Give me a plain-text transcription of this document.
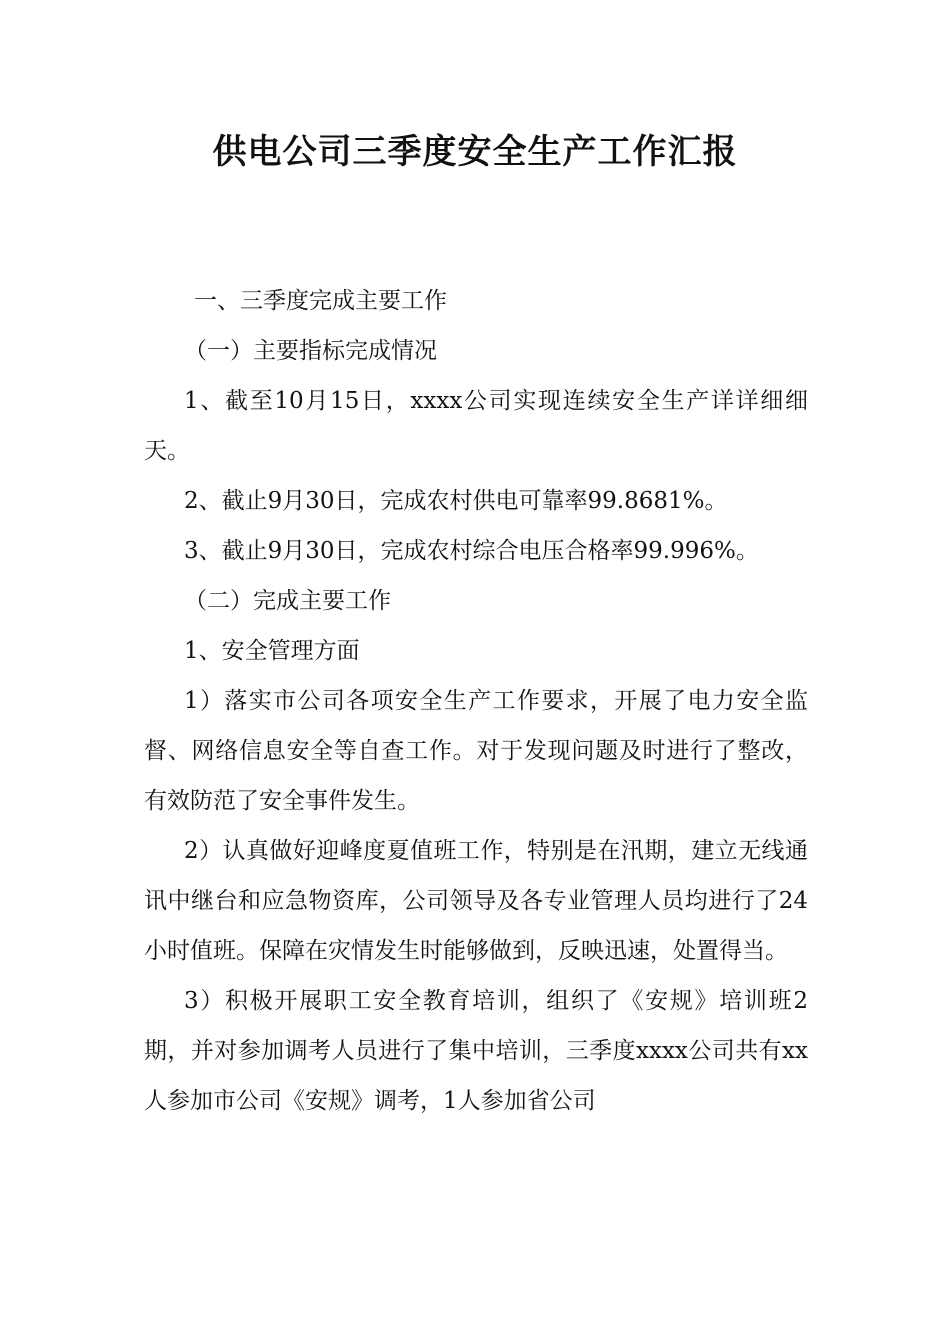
供电公司三季度安全生产工作汇报

一、三季度完成主要工作

（一）主要指标完成情况

1、截至10月15日，xxxx公司实现连续安全生产详详细细天。

2、截止9月30日，完成农村供电可靠率99.8681%。

3、截止9月30日，完成农村综合电压合格率99.996%。

（二）完成主要工作

1、安全管理方面

1）落实市公司各项安全生产工作要求，开展了电力安全监督、网络信息安全等自查工作。对于发现问题及时进行了整改，有效防范了安全事件发生。

2）认真做好迎峰度夏值班工作，特别是在汛期，建立无线通讯中继台和应急物资库，公司领导及各专业管理人员均进行了24小时值班。保障在灾情发生时能够做到，反映迅速，处置得当。

3）积极开展职工安全教育培训，组织了《安规》培训班2期，并对参加调考人员进行了集中培训，三季度xxxx公司共有xx人参加市公司《安规》调考，1人参加省公司
